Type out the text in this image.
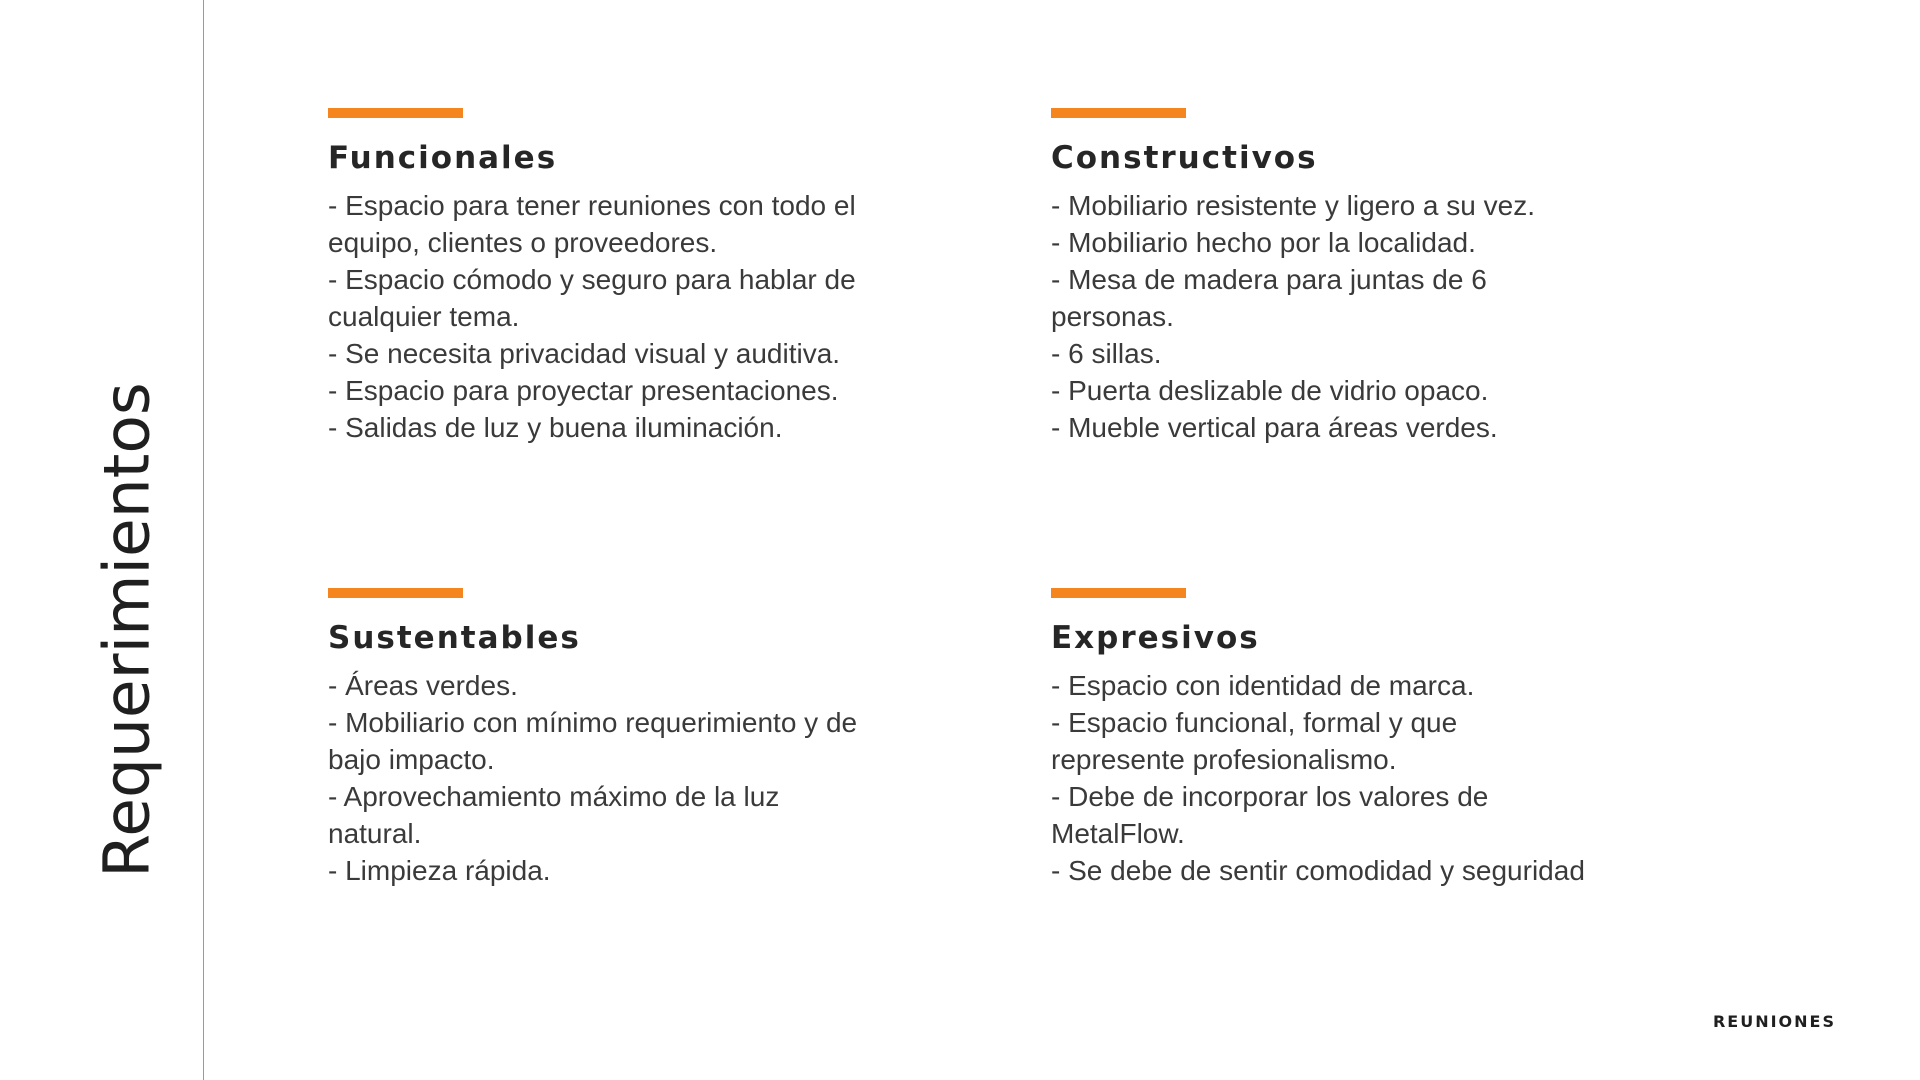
Requerimientos
Funcionales
- Espacio para tener reuniones con todo el
equipo, clientes o proveedores.
- Espacio cómodo y seguro para hablar de
cualquier tema.
- Se necesita privacidad visual y auditiva.
- Espacio para proyectar presentaciones.
- Salidas de luz y buena iluminación.
Constructivos
- Mobiliario resistente y ligero a su vez.
- Mobiliario hecho por la localidad.
- Mesa de madera para juntas de 6
personas.
- 6 sillas.
- Puerta deslizable de vidrio opaco.
- Mueble vertical para áreas verdes.
Sustentables
- Áreas verdes.
- Mobiliario con mínimo requerimiento y de
bajo impacto.
- Aprovechamiento máximo de la luz
natural.
- Limpieza rápida.
Expresivos
- Espacio con identidad de marca.
- Espacio funcional, formal y que
represente profesionalismo.
- Debe de incorporar los valores de
MetalFlow.
- Se debe de sentir comodidad y seguridad
REUNIONES
